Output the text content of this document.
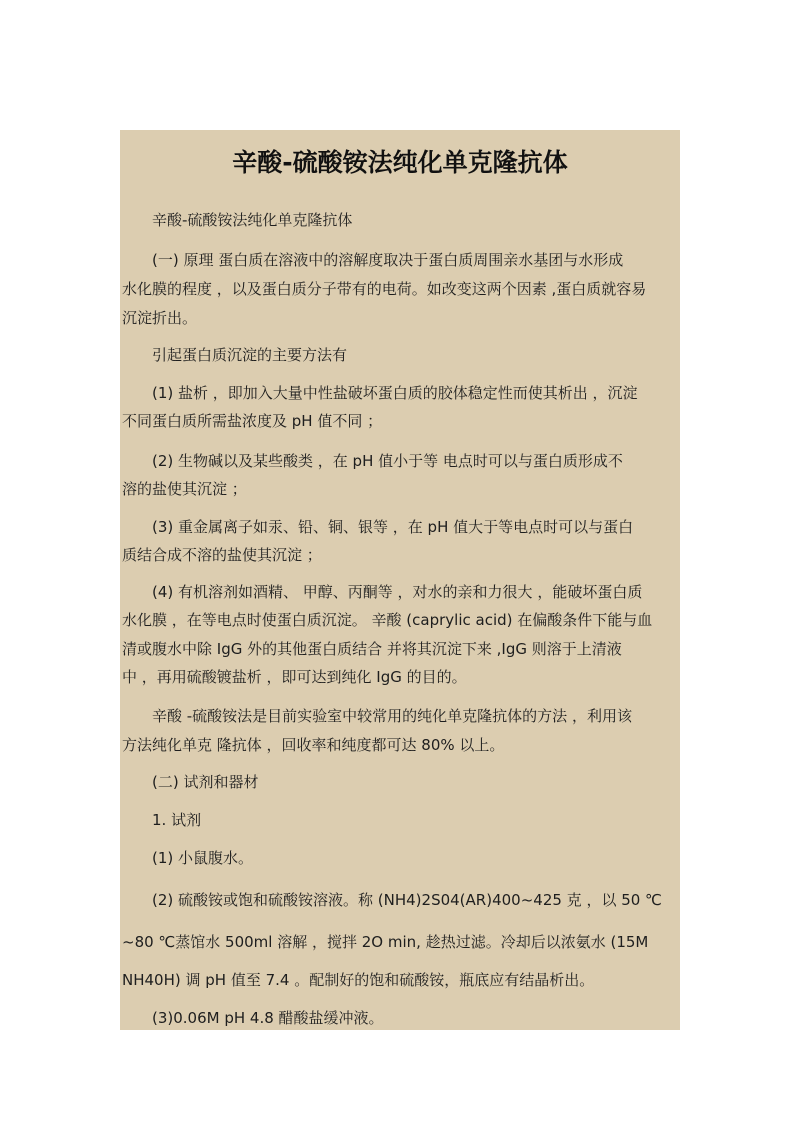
辛酸-硫酸铵法纯化单克隆抗体
辛酸-硫酸铵法纯化单克隆抗体
(一) 原理 蛋白质在溶液中的溶解度取决于蛋白质周围亲水基团与水形成
水化膜的程度 ，以及蛋白质分子带有的电荷。如改变这两个因素 ,蛋白质就容易
沉淀折出。
引起蛋白质沉淀的主要方法有
(1) 盐析 ，即加入大量中性盐破坏蛋白质的胶体稳定性而使其析出 ，沉淀
不同蛋白质所需盐浓度及 pH 值不同 ；
(2) 生物碱以及某些酸类 ，在 pH 值小于等 电点时可以与蛋白质形成不
溶的盐使其沉淀 ；
(3) 重金属离子如汞、铅、铜、银等 ，在 pH 值大于等电点时可以与蛋白
质结合成不溶的盐使其沉淀 ；
(4) 有机溶剂如酒精、 甲醇、丙酮等 ，对水的亲和力很大 ，能破坏蛋白质
水化膜 ，在等电点时使蛋白质沉淀。 辛酸 (caprylic acid) 在偏酸条件下能与血
清或腹水中除 IgG 外的其他蛋白质结合 并将其沉淀下来 ,IgG 则溶于上清液
中 ，再用硫酸镀盐析 ，即可达到纯化 IgG 的目的。
辛酸 -硫酸铵法是目前实验室中较常用的纯化单克隆抗体的方法 ，利用该
方法纯化单克 隆抗体 ，回收率和纯度都可达 80% 以上。
(二) 试剂和器材
1. 试剂
(1) 小鼠腹水。
(2) 硫酸铵或饱和硫酸铵溶液。称 (NH4)2S04(AR)400~425 克 ，以 50 ℃
~80 ℃蒸馆水 500ml 溶解 ，搅拌 2O min, 趁热过滤。冷却后以浓氨水 (15M
NH40H) 调 pH 值至 7.4 。配制好的饱和硫酸铵，瓶底应有结晶析出。
(3)0.06M pH 4.8 醋酸盐缓冲液。
